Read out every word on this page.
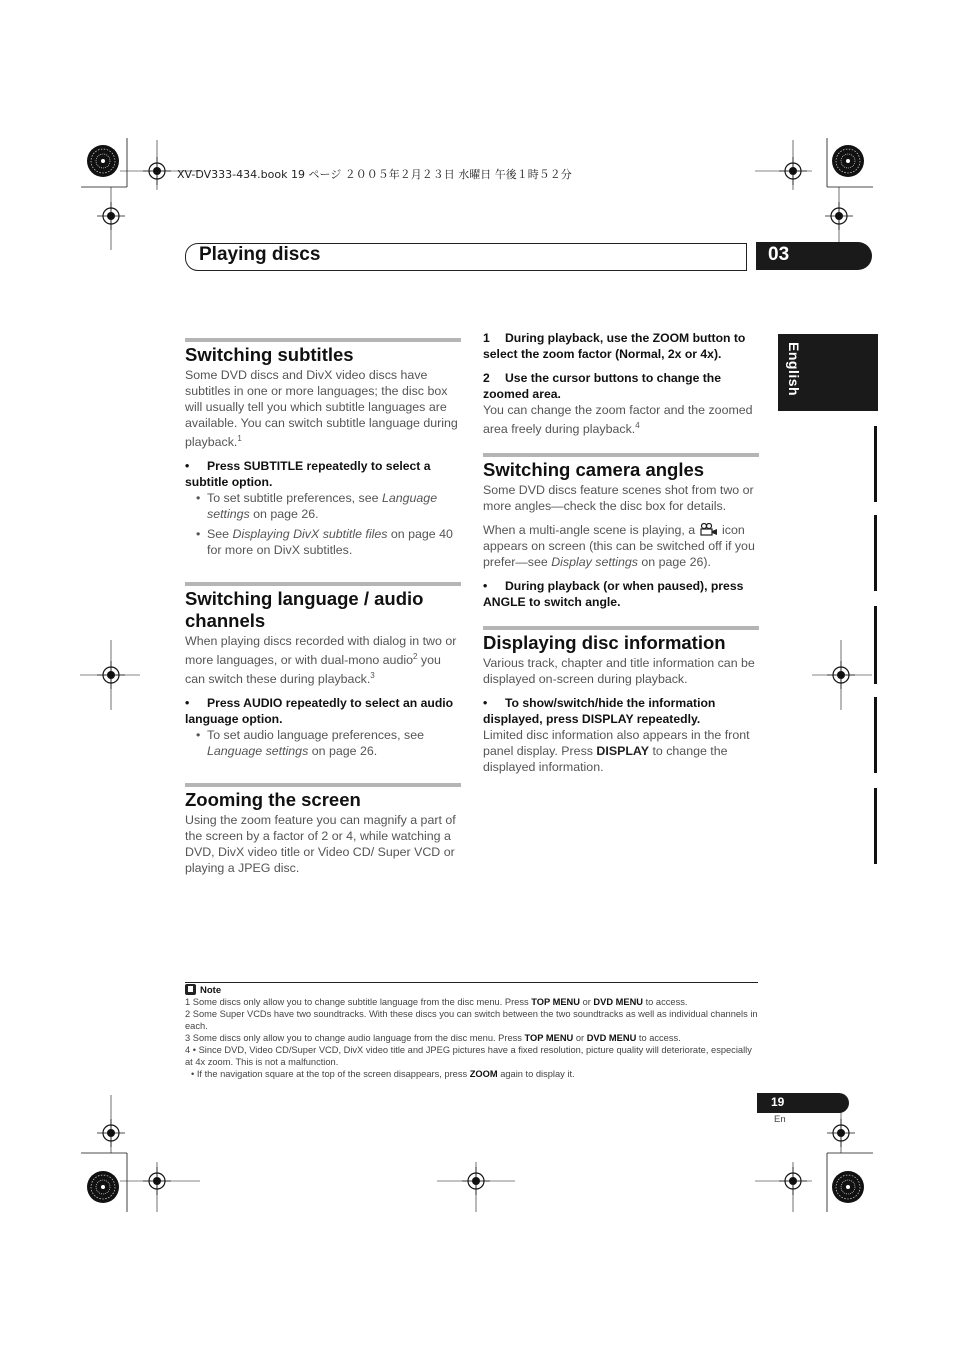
XV-DV333-434.book 19 ページ ２００５年２月２３日 水曜日 午後１時５２分
Playing discs	03
English
Switching subtitles

Some DVD discs and DivX video discs have subtitles in one or more languages; the disc box will usually tell you which subtitle languages are available. You can switch subtitle language during playback.$^1$

• Press SUBTITLE repeatedly to select a subtitle option.

• To set subtitle preferences, see Language settings on page 26.

• See Displaying DivX subtitle files on page 40 for more on DivX subtitles.

Switching language / audio channels

When playing discs recorded with dialog in two or more languages, or with dual-mono audio$^2$ you can switch these during playback.$^3$

• Press AUDIO repeatedly to select an audio language option.

• To set audio language preferences, see Language settings on page 26.

Zooming the screen

Using the zoom feature you can magnify a part of the screen by a factor of 2 or 4, while watching a DVD, DivX video title or Video CD/ Super VCD or playing a JPEG disc.

1 During playback, use the ZOOM button to select the zoom factor (Normal, 2x or 4x).

2 Use the cursor buttons to change the zoomed area.

You can change the zoom factor and the zoomed area freely during playback.$^4$

Switching camera angles

Some DVD discs feature scenes shot from two or more angles—check the disc box for details.

When a multi-angle scene is playing, a  icon appears on screen (this can be switched off if you prefer—see Display settings on page 26).

• During playback (or when paused), press ANGLE to switch angle.

Displaying disc information

Various track, chapter and title information can be displayed on-screen during playback.

• To show/switch/hide the information displayed, press DISPLAY repeatedly.

Limited disc information also appears in the front panel display. Press DISPLAY to change the displayed information.

Note
1 Some discs only allow you to change subtitle language from the disc menu. Press TOP MENU or DVD MENU to access.
2 Some Super VCDs have two soundtracks. With these discs you can switch between the two soundtracks as well as individual channels in each.
3 Some discs only allow you to change audio language from the disc menu. Press TOP MENU or DVD MENU to access.
4 • Since DVD, Video CD/Super VCD, DivX video title and JPEG pictures have a fixed resolution, picture quality will deteriorate, especially at 4x zoom. This is not a malfunction.
• If the navigation square at the top of the screen disappears, press ZOOM again to display it.
19
En
